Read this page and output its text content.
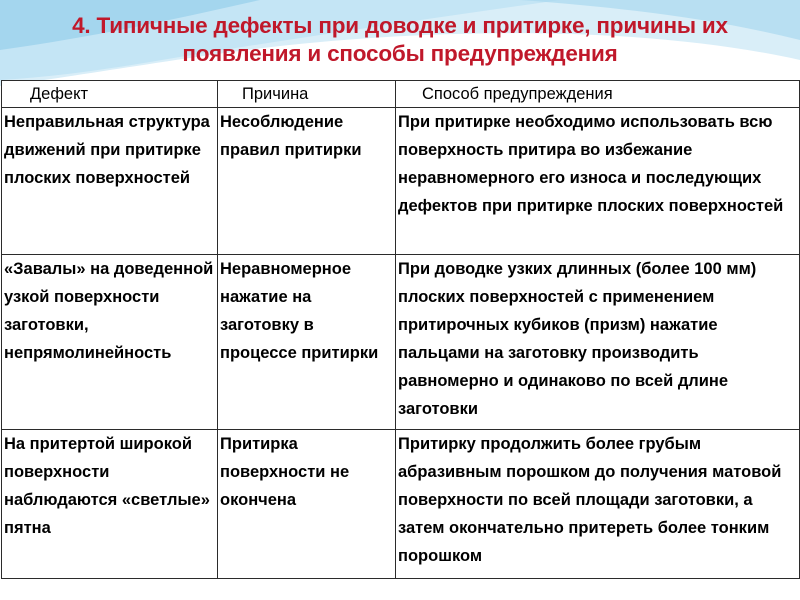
4. Типичные дефекты при доводке и притирке, причины их
появления и способы предупреждения
Дефект	Причина	Способ предупреждения

Неправильная структура движений при притирке плоских поверхностей	Несоблюдение правил притирки	При притирке необходимо использовать всю поверхность притира во избежание неравномерного его износа и последующих дефектов при притирке плоских поверхностей

«Завалы» на доведенной узкой поверхности заготовки, непрямолинейность	Неравномерное нажатие на заготовку в процессе притирки	При доводке узких длинных (более 100 мм) плоских поверхностей с применением притирочных кубиков (призм) нажатие пальцами на заготовку производить равномерно и одинаково по всей длине заготовки

На притертой широкой поверхности наблюдаются «светлые» пятна	Притирка поверхности не окончена	Притирку продолжить более грубым абразивным порошком до получения матовой поверхности по всей площади заготовки, а затем окончательно притереть более тонким порошком
